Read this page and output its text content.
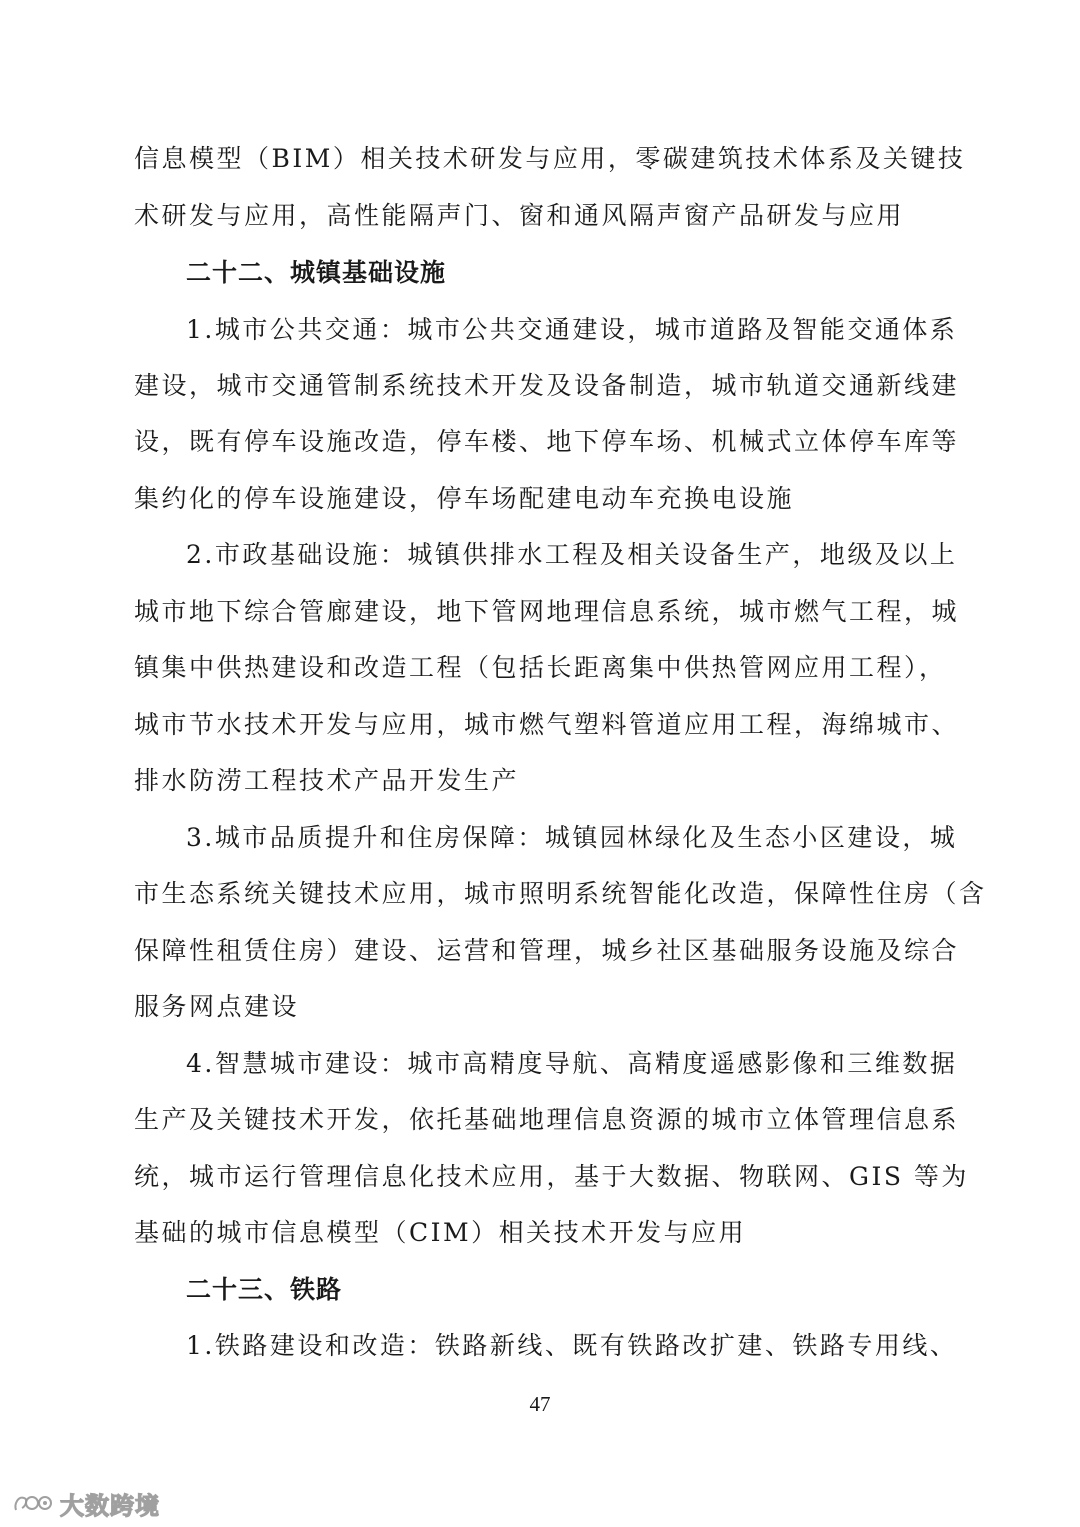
信息模型（BIM）相关技术研发与应用，零碳建筑技术体系及关键技
术研发与应用，高性能隔声门、窗和通风隔声窗产品研发与应用
二十二、城镇基础设施
1.城市公共交通：城市公共交通建设，城市道路及智能交通体系
建设，城市交通管制系统技术开发及设备制造，城市轨道交通新线建
设，既有停车设施改造，停车楼、地下停车场、机械式立体停车库等
集约化的停车设施建设，停车场配建电动车充换电设施
2.市政基础设施：城镇供排水工程及相关设备生产，地级及以上
城市地下综合管廊建设，地下管网地理信息系统，城市燃气工程，城
镇集中供热建设和改造工程（包括长距离集中供热管网应用工程），
城市节水技术开发与应用，城市燃气塑料管道应用工程，海绵城市、
排水防涝工程技术产品开发生产
3.城市品质提升和住房保障：城镇园林绿化及生态小区建设，城
市生态系统关键技术应用，城市照明系统智能化改造，保障性住房（含
保障性租赁住房）建设、运营和管理，城乡社区基础服务设施及综合
服务网点建设
4.智慧城市建设：城市高精度导航、高精度遥感影像和三维数据
生产及关键技术开发，依托基础地理信息资源的城市立体管理信息系
统，城市运行管理信息化技术应用，基于大数据、物联网、GIS 等为
基础的城市信息模型（CIM）相关技术开发与应用
二十三、铁路
1.铁路建设和改造：铁路新线、既有铁路改扩建、铁路专用线、
47
大数跨境
